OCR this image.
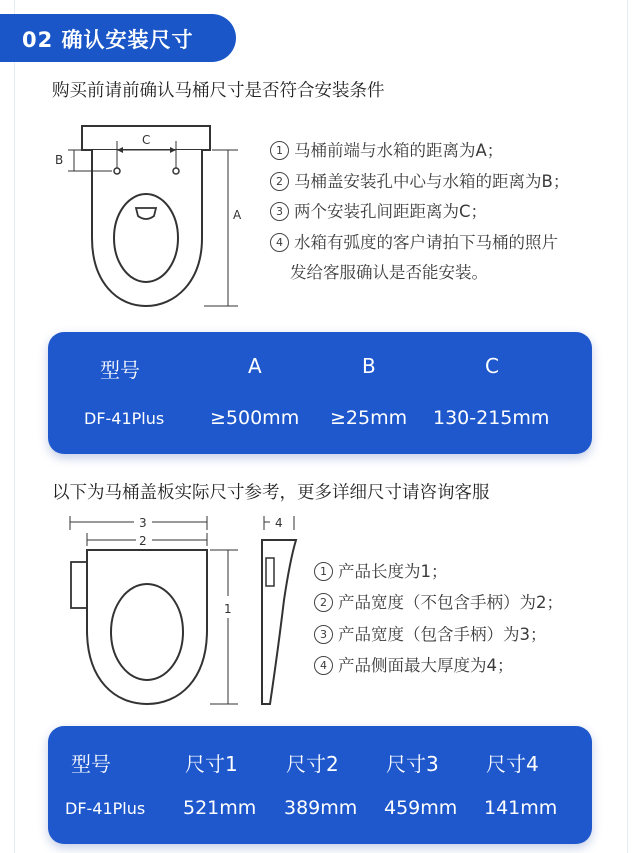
02 确认安装尺寸
购买前请前确认马桶尺寸是否符合安装条件
C
B
A
1 马桶前端与水箱的距离为A；
2 马桶盖安装孔中心与水箱的距离为B；
3 两个安装孔间距距离为C；
4 水箱有弧度的客户请拍下马桶的照片
发给客服确认是否能安装。
型号	A	B	C
DF-41Plus ≥500mm ≥25mm 130-215mm
以下为马桶盖板实际尺寸参考，更多详细尺寸请咨询客服
3
2
1
4
1 产品长度为1；
2 产品宽度（不包含手柄）为2；
3 产品宽度（包含手柄）为3；
4 产品侧面最大厚度为4；
型号	尺寸1 尺寸2 尺寸3 尺寸4
DF-41Plus 521mm 389mm 459mm 141mm
